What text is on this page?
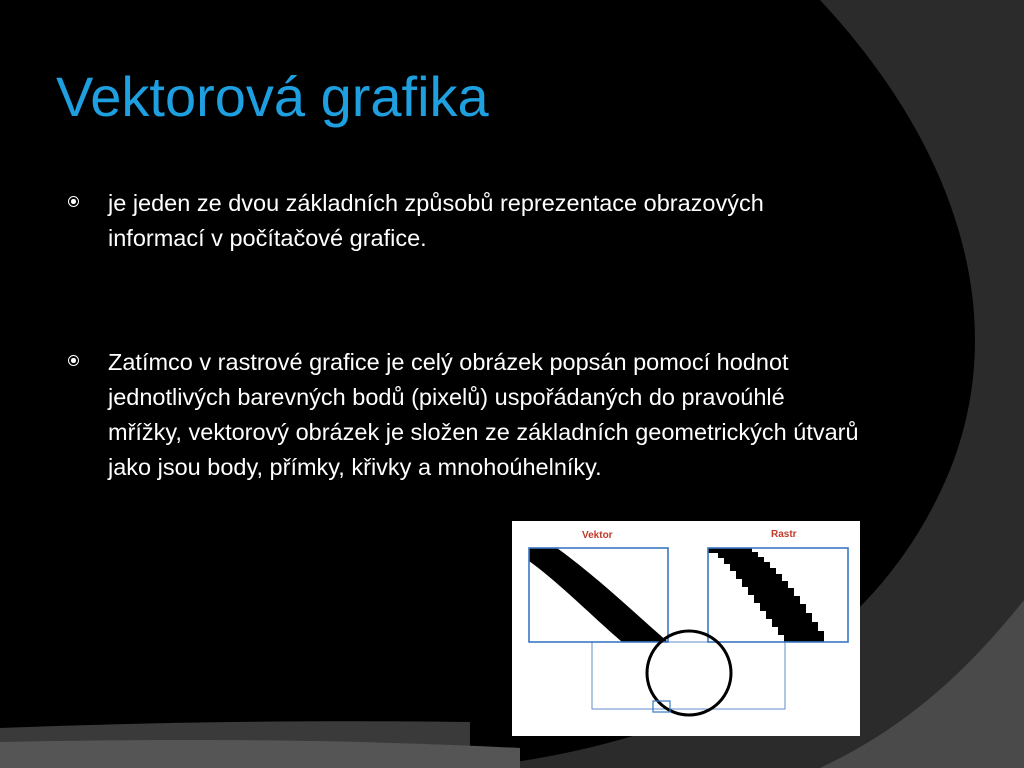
Vektorová grafika
je jeden ze dvou základních způsobů reprezentace obrazových informací v počítačové grafice.
Zatímco v rastrové grafice je celý obrázek popsán pomocí hodnot jednotlivých barevných bodů (pixelů) uspořádaných do pravoúhlé mřížky, vektorový obrázek je složen ze základních geometrických útvarů jako jsou body, přímky, křivky a mnohoúhelníky.
Vektor	Rastr
